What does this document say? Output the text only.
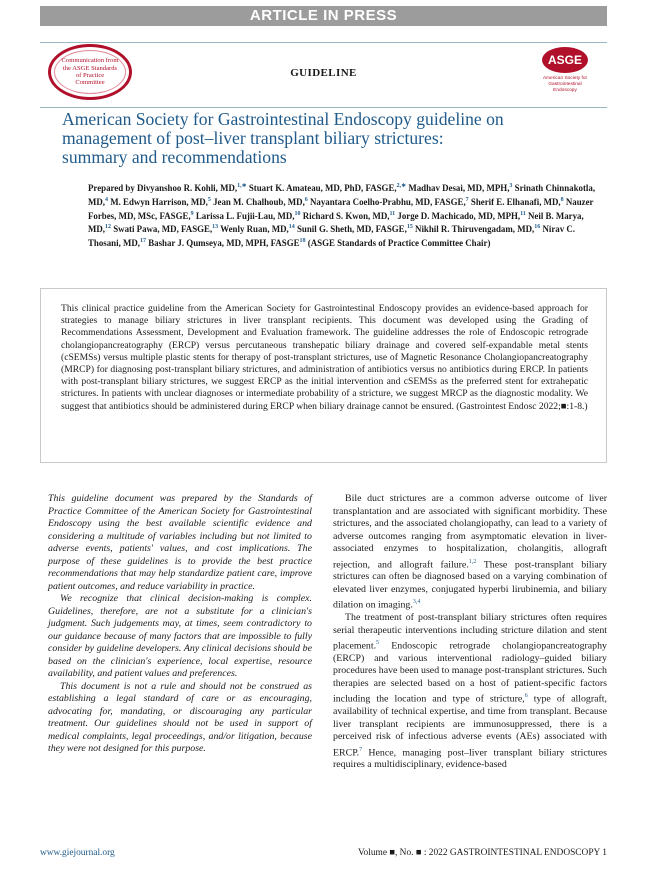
ARTICLE IN PRESS
Communication from the ASGE Standards of Practice Committee
GUIDELINE
ASGE
American Society for Gastrointestinal Endoscopy
American Society for Gastrointestinal Endoscopy guideline on
management of post–liver transplant biliary strictures:
summary and recommendations
Prepared by Divyanshoo R. Kohli, MD,$^{1,∗}$ Stuart K. Amateau, MD, PhD, FASGE,$^{2,∗}$ Madhav Desai, MD, MPH,$^3$ Srinath Chinnakotla, MD,$^4$ M. Edwyn Harrison, MD,$^5$ Jean M. Chalhoub, MD,$^6$ Nayantara Coelho-Prabhu, MD, FASGE,$^7$ Sherif E. Elhanafi, MD,$^8$ Nauzer Forbes, MD, MSc, FASGE,$^9$ Larissa L. Fujii-Lau, MD,$^{10}$ Richard S. Kwon, MD,$^{11}$ Jorge D. Machicado, MD, MPH,$^{11}$ Neil B. Marya, MD,$^{12}$ Swati Pawa, MD, FASGE,$^{13}$ Wenly Ruan, MD,$^{14}$ Sunil G. Sheth, MD, FASGE,$^{15}$ Nikhil R. Thiruvengadam, MD,$^{16}$ Nirav C. Thosani, MD,$^{17}$ Bashar J. Qumseya, MD, MPH, FASGE$^{18}$ (ASGE Standards of Practice Committee Chair)
This clinical practice guideline from the American Society for Gastrointestinal Endoscopy provides an evidence-based approach for strategies to manage biliary strictures in liver transplant recipients. This document was developed using the Grading of Recommendations Assessment, Development and Evaluation framework. The guideline addresses the role of Endoscopic retrograde cholangiopancreatography (ERCP) versus percutaneous transhepatic biliary drainage and covered self-expandable metal stents (cSEMSs) versus multiple plastic stents for therapy of post-transplant strictures, use of Magnetic Resonance Cholangiopancreatography (MRCP) for diagnosing post-transplant biliary strictures, and administration of antibiotics versus no antibiotics during ERCP. In patients with post-transplant biliary strictures, we suggest ERCP as the initial intervention and cSEMSs as the preferred stent for extrahepatic strictures. In patients with unclear diagnoses or intermediate probability of a stricture, we suggest MRCP as the diagnostic modality. We suggest that antibiotics should be administered during ERCP when biliary drainage cannot be ensured. (Gastrointest Endosc 2022;■:1-8.)

This guideline document was prepared by the Standards of Practice Committee of the American Society for Gastrointestinal Endoscopy using the best available scientific evidence and considering a multitude of variables including but not limited to adverse events, patients' values, and cost implications. The purpose of these guidelines is to provide the best practice recommendations that may help standardize patient care, improve patient outcomes, and reduce variability in practice.

We recognize that clinical decision-making is complex. Guidelines, therefore, are not a substitute for a clinician's judgment. Such judgements may, at times, seem contradictory to our guidance because of many factors that are impossible to fully consider by guideline developers. Any clinical decisions should be based on the clinician's experience, local expertise, resource availability, and patient values and preferences.

This document is not a rule and should not be construed as establishing a legal standard of care or as encouraging, advocating for, mandating, or discouraging any particular treatment. Our guidelines should not be used in support of medical complaints, legal proceedings, and/or litigation, because they were not designed for this purpose.

Bile duct strictures are a common adverse outcome of liver transplantation and are associated with significant morbidity. These strictures, and the associated cholangiopathy, can lead to a variety of adverse outcomes ranging from asymptomatic elevation in liver-associated enzymes to hospitalization, cholangitis, allograft rejection, and allograft failure.$^{1,2}$ These post-transplant biliary strictures can often be diagnosed based on a varying combination of elevated liver enzymes, conjugated hyperbi lirubinemia, and biliary dilation on imaging.$^{3,4}$

The treatment of post-transplant biliary strictures often requires serial therapeutic interventions including stricture dilation and stent placement.$^5$ Endoscopic retrograde cholangiopancreatography (ERCP) and various interventional radiology–guided biliary procedures have been used to manage post-transplant strictures. Such therapies are selected based on a host of patient-specific factors including the location and type of stricture,$^6$ type of allograft, availability of technical expertise, and time from transplant. Because liver transplant recipients are immunosuppressed, there is a perceived risk of infectious adverse events (AEs) associated with ERCP.$^7$ Hence, managing post–liver transplant biliary strictures requires a multidisciplinary, evidence-based

www.giejournal.org	Volume ■, No. ■ : 2022 GASTROINTESTINAL ENDOSCOPY 1
